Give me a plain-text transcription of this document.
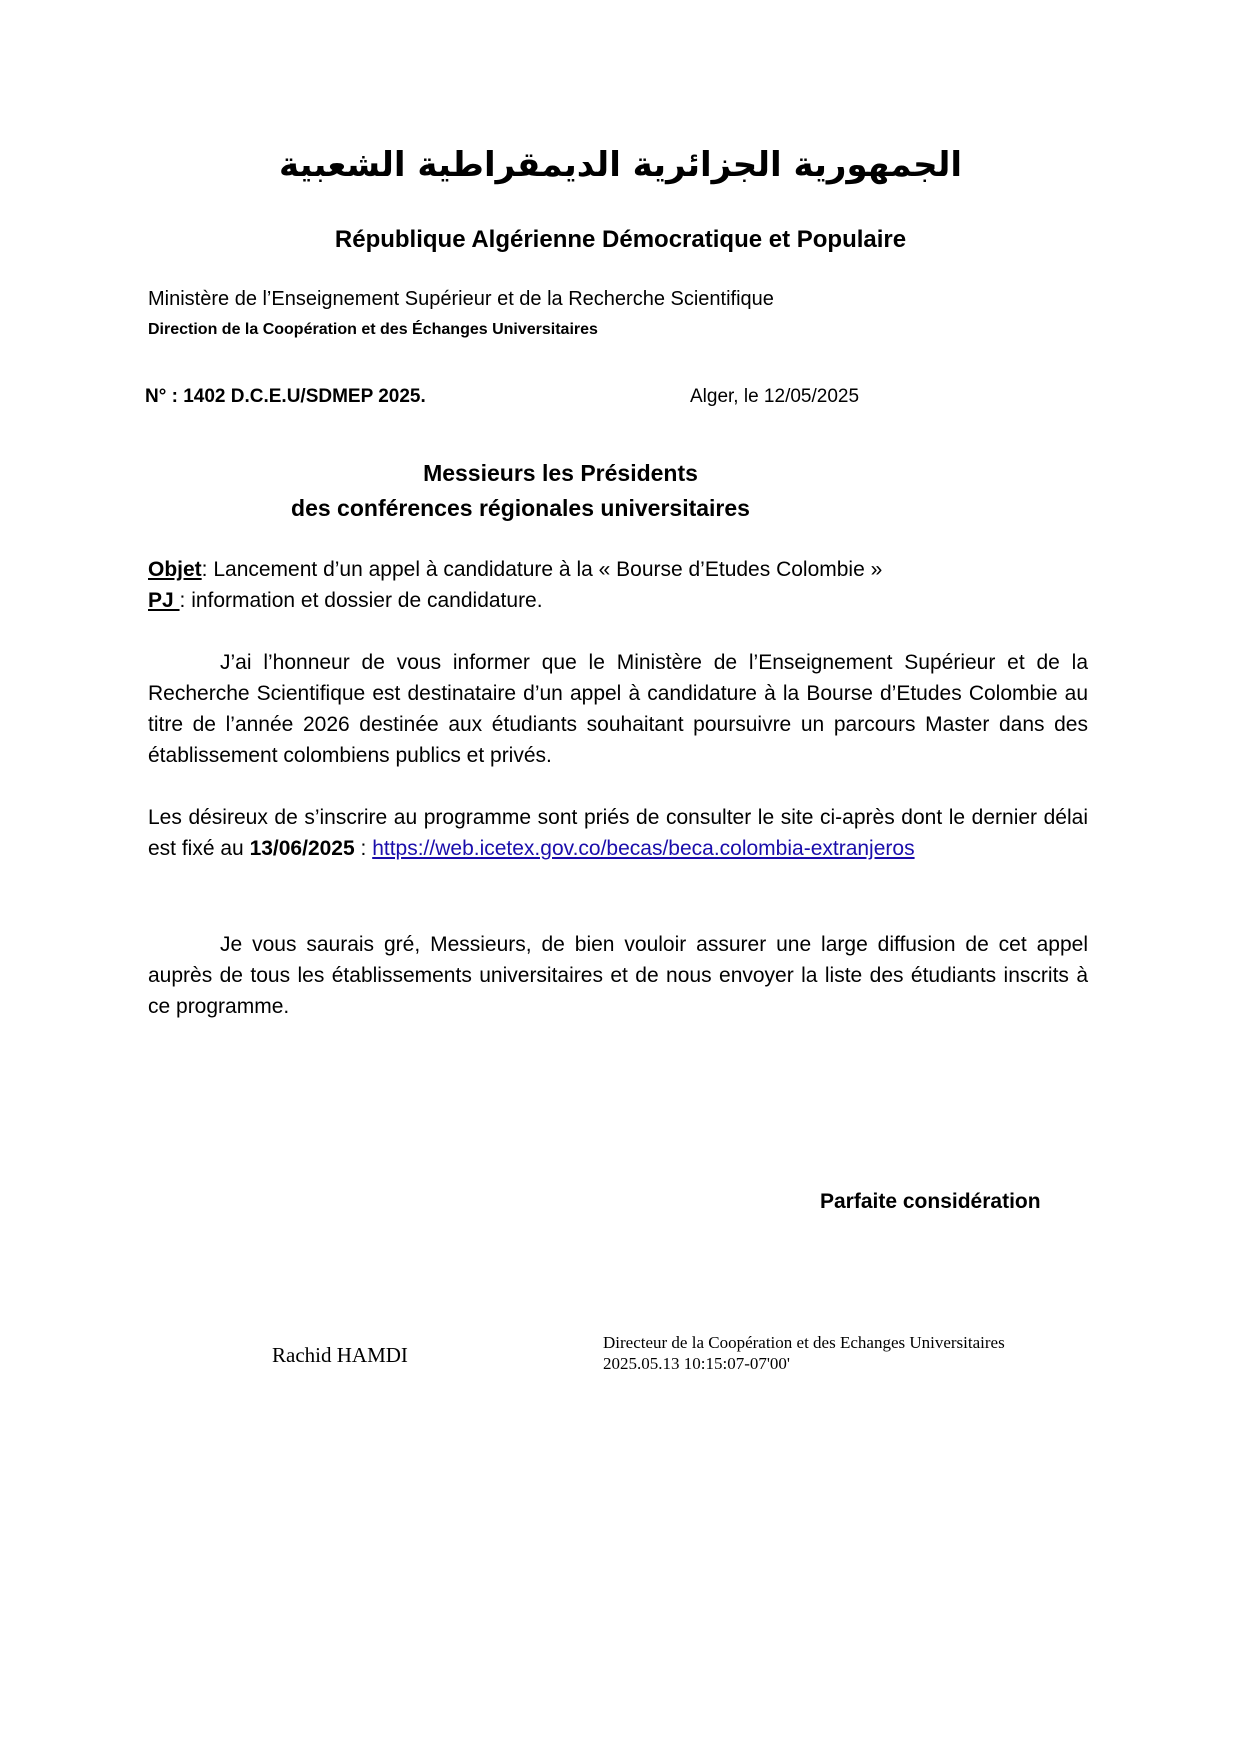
الجمهورية الجزائرية الديمقراطية الشعبية
République Algérienne Démocratique et Populaire
Ministère de l’Enseignement Supérieur et de la Recherche Scientifique
Direction de la Coopération et des Échanges Universitaires
N° : 1402 D.C.E.U/SDMEP 2025.	Alger, le 12/05/2025
Messieurs les Présidents
des conférences régionales universitaires
Objet: Lancement d’un appel à candidature à la « Bourse d’Etudes Colombie »
PJ : information et dossier de candidature.
J’ai l’honneur de vous informer que le Ministère de l’Enseignement Supérieur et de la Recherche Scientifique est destinataire d’un appel à candidature à la Bourse d’Etudes Colombie au titre de l’année 2026 destinée aux étudiants souhaitant poursuivre un parcours Master dans des établissement colombiens publics et privés.
Les désireux de s’inscrire au programme sont priés de consulter le site ci-après dont le dernier délai est fixé au 13/06/2025 : https://web.icetex.gov.co/becas/beca.colombia-extranjeros
Je vous saurais gré, Messieurs, de bien vouloir assurer une large diffusion de cet appel auprès de tous les établissements universitaires et de nous envoyer la liste des étudiants inscrits à ce programme.
Parfaite considération
Rachid HAMDI
Directeur de la Coopération et des Echanges Universitaires
2025.05.13 10:15:07-07'00'
